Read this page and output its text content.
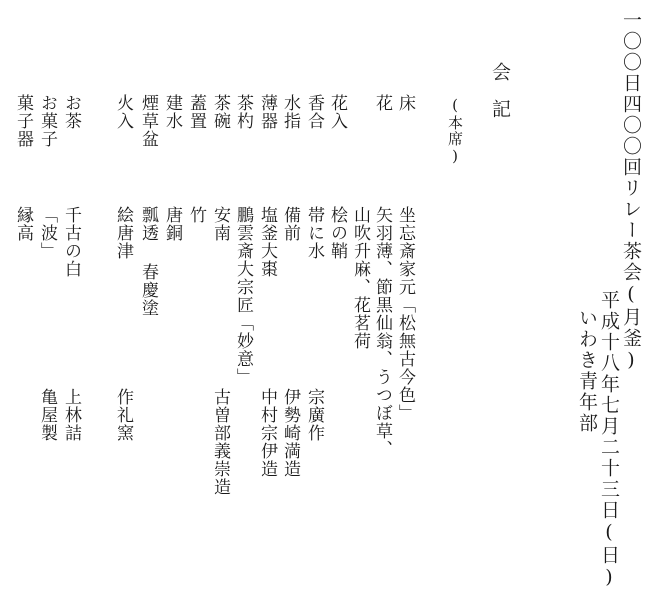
一〇〇日四〇〇回リレー茶会(月釜)
平成十八年七月二十三日(日)
いわき青年部
会記
(本席)
床
坐忘斎家元「松無古今色」
花
矢羽薄、節黒仙翁、うつぼ草、
山吹升麻、花茗荷
花入
桧の鞘
香合
帯に水
宗廣作
水指
備前
伊勢崎満造
薄器
塩釜大棗
中村宗伊造
茶杓
鵬雲斎大宗匠「妙意」
茶碗
安南
古曽部義崇造
蓋置
竹
建水
唐銅
煙草盆
瓢透 春慶塗
火入
絵唐津
作礼窯
お茶
千古の白
上林詰
お菓子
「波」
亀屋製
菓子器
縁高
